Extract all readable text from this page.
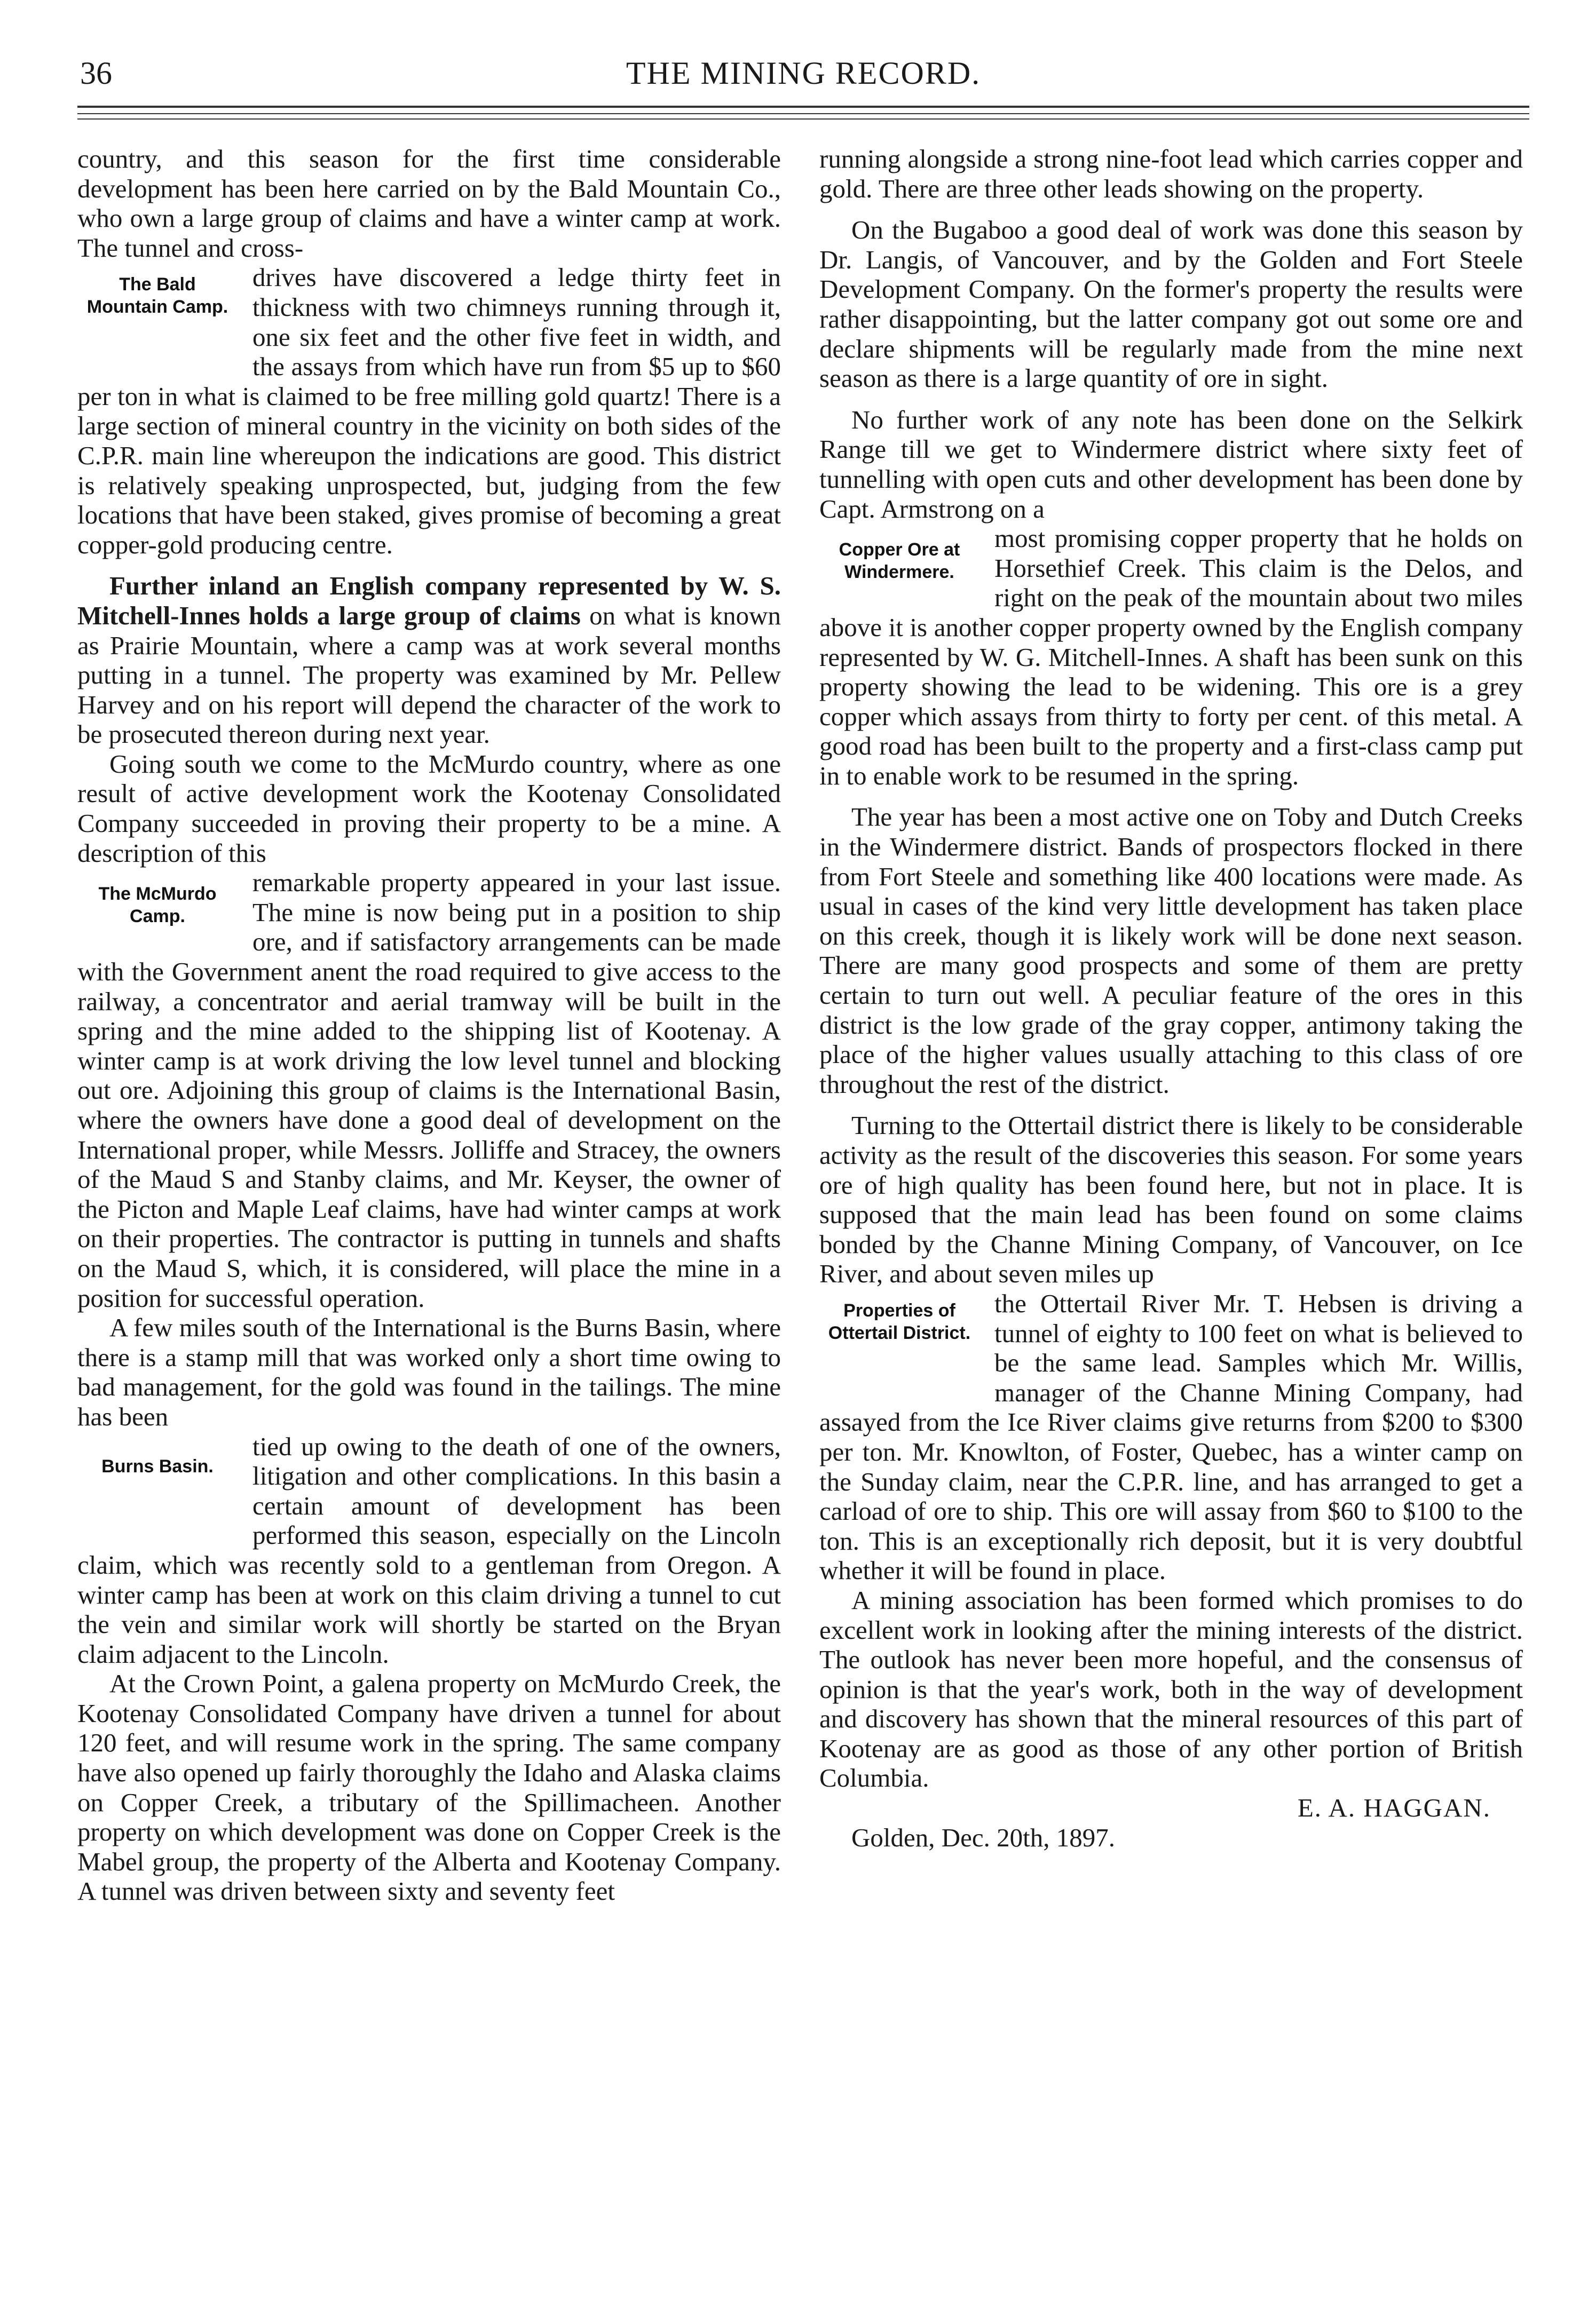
36	THE MINING RECORD.

country, and this season for the first time considerable development has been here carried on by the Bald Mountain Co., who own a large group of claims and have a winter camp at work. The tunnel and cross-

The Bald Mountain Camp.
drives have discovered a ledge thirty feet in thickness with two chimneys running through it, one six feet and the other five feet in width, and the assays from which have run from $5 up to $60 per ton in what is claimed to be free milling gold quartz! There is a large section of mineral country in the vicinity on both sides of the C.P.R. main line whereupon the indications are good. This district is relatively speaking unprospected, but, judging from the few locations that have been staked, gives promise of becoming a great copper-gold producing centre.

Further inland an English company represented by W. S. Mitchell-Innes holds a large group of claims on what is known as Prairie Mountain, where a camp was at work several months putting in a tunnel. The property was examined by Mr. Pellew Harvey and on his report will depend the character of the work to be prosecuted thereon during next year.

Going south we come to the McMurdo country, where as one result of active development work the Kootenay Consolidated Company succeeded in proving their property to be a mine. A description of this

The McMurdo Camp.
remarkable property appeared in your last issue. The mine is now being put in a position to ship ore, and if satisfactory arrangements can be made with the Government anent the road required to give access to the railway, a concentrator and aerial tramway will be built in the spring and the mine added to the shipping list of Kootenay. A winter camp is at work driving the low level tunnel and blocking out ore. Adjoining this group of claims is the International Basin, where the owners have done a good deal of development on the International proper, while Messrs. Jolliffe and Stracey, the owners of the Maud S and Stanby claims, and Mr. Keyser, the owner of the Picton and Maple Leaf claims, have had winter camps at work on their properties. The contractor is putting in tunnels and shafts on the Maud S, which, it is considered, will place the mine in a position for successful operation.

A few miles south of the International is the Burns Basin, where there is a stamp mill that was worked only a short time owing to bad management, for the gold was found in the tailings. The mine has been

Burns Basin.
tied up owing to the death of one of the owners, litigation and other complications. In this basin a certain amount of development has been performed this season, especially on the Lincoln claim, which was recently sold to a gentleman from Oregon. A winter camp has been at work on this claim driving a tunnel to cut the vein and similar work will shortly be started on the Bryan claim adjacent to the Lincoln.

At the Crown Point, a galena property on McMurdo Creek, the Kootenay Consolidated Company have driven a tunnel for about 120 feet, and will resume work in the spring. The same company have also opened up fairly thoroughly the Idaho and Alaska claims on Copper Creek, a tributary of the Spillimacheen. Another property on which development was done on Copper Creek is the Mabel group, the property of the Alberta and Kootenay Company. A tunnel was driven between sixty and seventy feet

running alongside a strong nine-foot lead which carries copper and gold. There are three other leads showing on the property.

On the Bugaboo a good deal of work was done this season by Dr. Langis, of Vancouver, and by the Golden and Fort Steele Development Company. On the former's property the results were rather disappointing, but the latter company got out some ore and declare shipments will be regularly made from the mine next season as there is a large quantity of ore in sight.

No further work of any note has been done on the Selkirk Range till we get to Windermere district where sixty feet of tunnelling with open cuts and other development has been done by Capt. Armstrong on a

Copper Ore at Windermere.
most promising copper property that he holds on Horsethief Creek. This claim is the Delos, and right on the peak of the mountain about two miles above it is another copper property owned by the English company represented by W. G. Mitchell-Innes. A shaft has been sunk on this property showing the lead to be widening. This ore is a grey copper which assays from thirty to forty per cent. of this metal. A good road has been built to the property and a first-class camp put in to enable work to be resumed in the spring.

The year has been a most active one on Toby and Dutch Creeks in the Windermere district. Bands of prospectors flocked in there from Fort Steele and something like 400 locations were made. As usual in cases of the kind very little development has taken place on this creek, though it is likely work will be done next season. There are many good prospects and some of them are pretty certain to turn out well. A peculiar feature of the ores in this district is the low grade of the gray copper, antimony taking the place of the higher values usually attaching to this class of ore throughout the rest of the district.

Turning to the Ottertail district there is likely to be considerable activity as the result of the discoveries this season. For some years ore of high quality has been found here, but not in place. It is supposed that the main lead has been found on some claims bonded by the Channe Mining Company, of Vancouver, on Ice River, and about seven miles up

Properties of Ottertail District.
the Ottertail River Mr. T. Hebsen is driving a tunnel of eighty to 100 feet on what is believed to be the same lead. Samples which Mr. Willis, manager of the Channe Mining Company, had assayed from the Ice River claims give returns from $200 to $300 per ton. Mr. Knowlton, of Foster, Quebec, has a winter camp on the Sunday claim, near the C.P.R. line, and has arranged to get a carload of ore to ship. This ore will assay from $60 to $100 to the ton. This is an exceptionally rich deposit, but it is very doubtful whether it will be found in place.

A mining association has been formed which promises to do excellent work in looking after the mining interests of the district. The outlook has never been more hopeful, and the consensus of opinion is that the year's work, both in the way of development and discovery has shown that the mineral resources of this part of Kootenay are as good as those of any other portion of British Columbia.

E. A. HAGGAN.

Golden, Dec. 20th, 1897.
